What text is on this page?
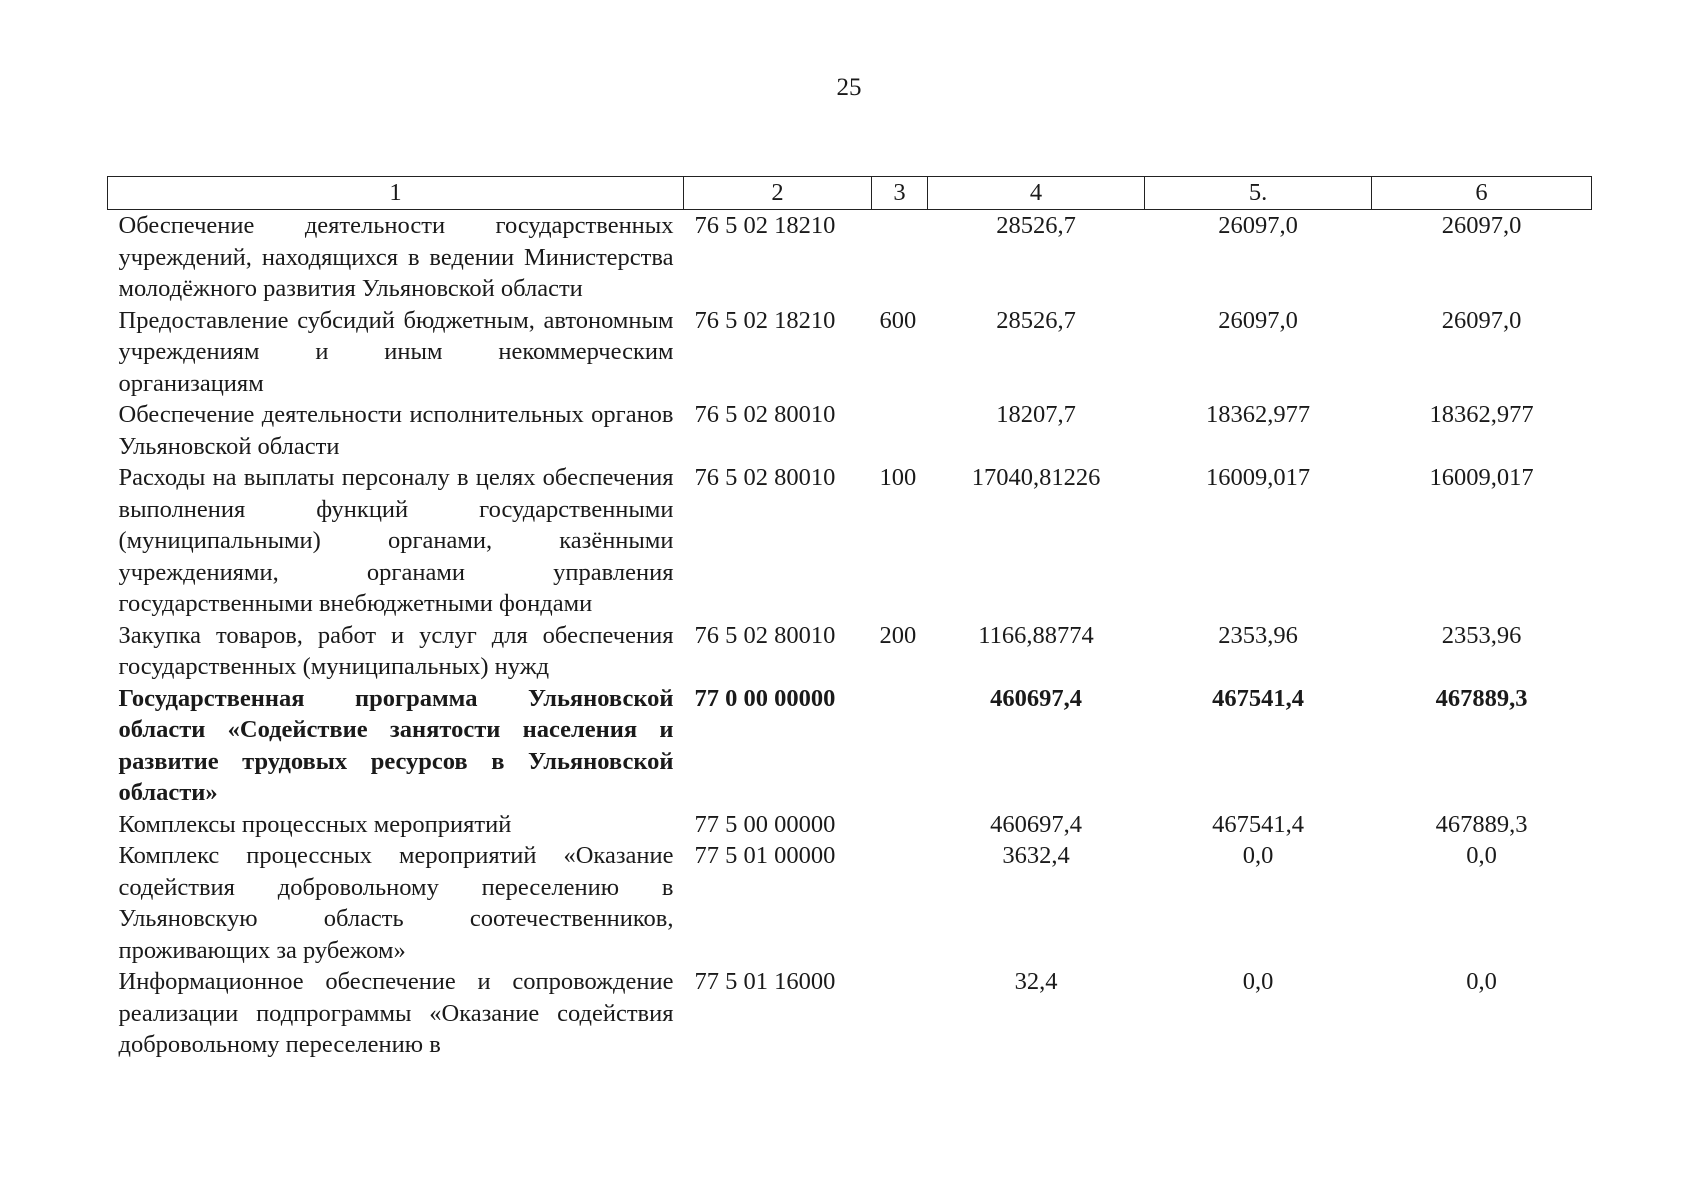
25
1	2	3	4	5.	6
Обеспечение деятельности государственных учреждений, находящихся в ведении Министерства молодёжного развития Ульяновской области	76 5 02 18210		28526,7	26097,0	26097,0
Предоставление субсидий бюджетным, автономным учреждениям и иным некоммерческим организациям	76 5 02 18210	600	28526,7	26097,0	26097,0
Обеспечение деятельности исполнительных органов Ульяновской области	76 5 02 80010		18207,7	18362,977	18362,977
Расходы на выплаты персоналу в целях обеспечения выполнения функций государственными (муниципальными) органами, казёнными учреждениями, органами управления государственными внебюджетными фондами	76 5 02 80010	100	17040,81226	16009,017	16009,017
Закупка товаров, работ и услуг для обеспечения государственных (муниципальных) нужд	76 5 02 80010	200	1166,88774	2353,96	2353,96
Государственная программа Ульяновской области «Содействие занятости населения и развитие трудовых ресурсов в Ульяновской области»	77 0 00 00000		460697,4	467541,4	467889,3
Комплексы процессных мероприятий	77 5 00 00000		460697,4	467541,4	467889,3
Комплекс процессных мероприятий «Оказание содействия добровольному переселению в Ульяновскую область соотечественников, проживающих за рубежом»	77 5 01 00000		3632,4	0,0	0,0
Информационное обеспечение и сопровождение реализации подпрограммы «Оказание содействия добровольному переселению в	77 5 01 16000		32,4	0,0	0,0
